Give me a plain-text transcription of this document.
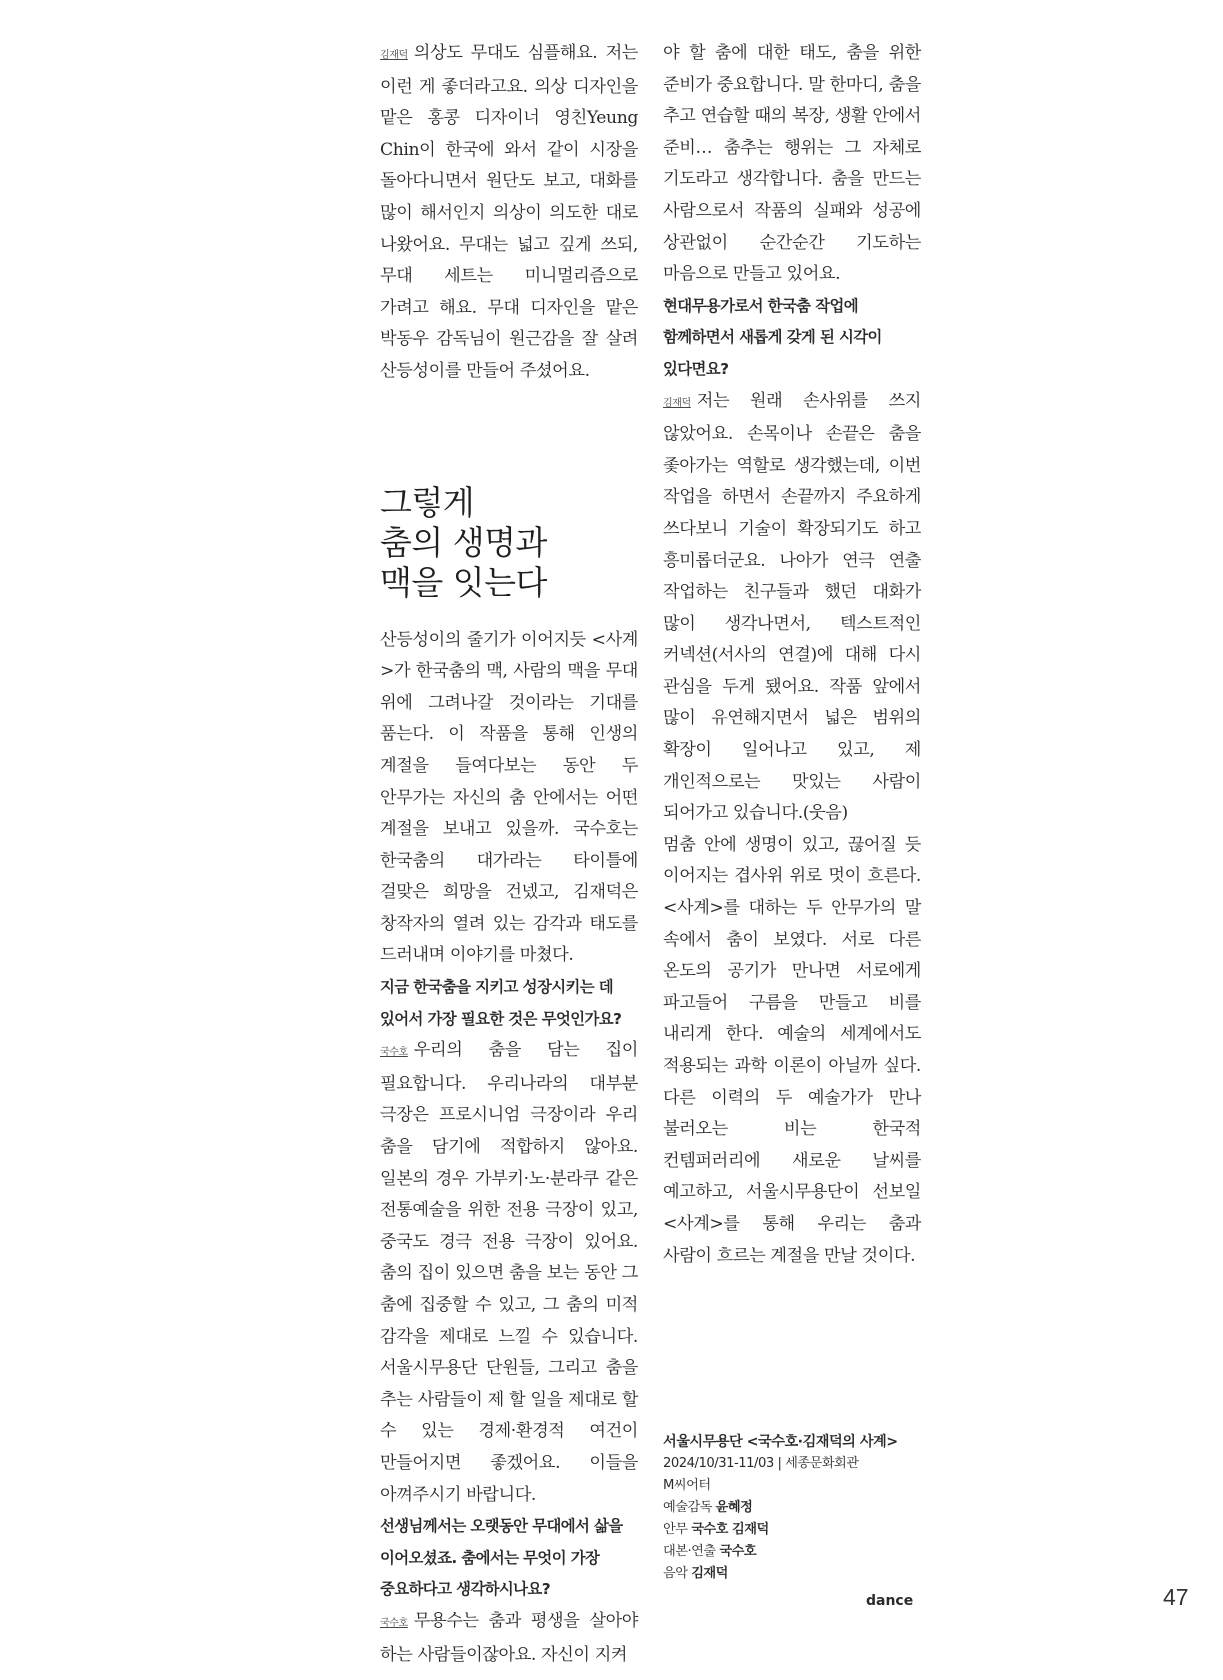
김재덕 의상도 무대도 심플해요. 저는 이런 게 좋더라고요. 의상 디자인을 맡은 홍콩 디자이너 영친Yeung Chin이 한국에 와서 같이 시장을 돌아다니면서 원단도 보고, 대화를 많이 해서인지 의상이 의도한 대로 나왔어요. 무대는 넓고 깊게 쓰되, 무대 세트는 미니멀리즘으로 가려고 해요. 무대 디자인을 맡은 박동우 감독님이 원근감을 잘 살려 산등성이를 만들어 주셨어요.

그렇게
춤의 생명과
맥을 잇는다

산등성이의 줄기가 이어지듯 <사계>가 한국춤의 맥, 사람의 맥을 무대 위에 그려나갈 것이라는 기대를 품는다. 이 작품을 통해 인생의 계절을 들여다보는 동안 두 안무가는 자신의 춤 안에서는 어떤 계절을 보내고 있을까. 국수호는 한국춤의 대가라는 타이틀에 걸맞은 희망을 건넸고, 김재덕은 창작자의 열려 있는 감각과 태도를 드러내며 이야기를 마쳤다.

지금 한국춤을 지키고 성장시키는 데 있어서 가장 필요한 것은 무엇인가요?

국수호 우리의 춤을 담는 집이 필요합니다. 우리나라의 대부분 극장은 프로시니엄 극장이라 우리 춤을 담기에 적합하지 않아요. 일본의 경우 가부키·노·분라쿠 같은 전통예술을 위한 전용 극장이 있고, 중국도 경극 전용 극장이 있어요. 춤의 집이 있으면 춤을 보는 동안 그 춤에 집중할 수 있고, 그 춤의 미적 감각을 제대로 느낄 수 있습니다. 서울시무용단 단원들, 그리고 춤을 추는 사람들이 제 할 일을 제대로 할 수 있는 경제·환경적 여건이 만들어지면 좋겠어요. 이들을 아껴주시기 바랍니다.

선생님께서는 오랫동안 무대에서 삶을 이어오셨죠. 춤에서는 무엇이 가장 중요하다고 생각하시나요?

국수호 무용수는 춤과 평생을 살아야 하는 사람들이잖아요. 자신이 지켜

야 할 춤에 대한 태도, 춤을 위한 준비가 중요합니다. 말 한마디, 춤을 추고 연습할 때의 복장, 생활 안에서 준비… 춤추는 행위는 그 자체로 기도라고 생각합니다. 춤을 만드는 사람으로서 작품의 실패와 성공에 상관없이 순간순간 기도하는 마음으로 만들고 있어요.

현대무용가로서 한국춤 작업에 함께하면서 새롭게 갖게 된 시각이 있다면요?

김재덕 저는 원래 손사위를 쓰지 않았어요. 손목이나 손끝은 춤을 좇아가는 역할로 생각했는데, 이번 작업을 하면서 손끝까지 주요하게 쓰다보니 기술이 확장되기도 하고 흥미롭더군요. 나아가 연극 연출 작업하는 친구들과 했던 대화가 많이 생각나면서, 텍스트적인 커넥션(서사의 연결)에 대해 다시 관심을 두게 됐어요. 작품 앞에서 많이 유연해지면서 넓은 범위의 확장이 일어나고 있고, 제 개인적으로는 맛있는 사람이 되어가고 있습니다.(웃음)

멈춤 안에 생명이 있고, 끊어질 듯 이어지는 겹사위 위로 멋이 흐른다. <사계>를 대하는 두 안무가의 말 속에서 춤이 보였다. 서로 다른 온도의 공기가 만나면 서로에게 파고들어 구름을 만들고 비를 내리게 한다. 예술의 세계에서도 적용되는 과학 이론이 아닐까 싶다. 다른 이력의 두 예술가가 만나 불러오는 비는 한국적 컨템퍼러리에 새로운 날씨를 예고하고, 서울시무용단이 선보일 <사계>를 통해 우리는 춤과 사람이 흐르는 계절을 만날 것이다.

서울시무용단 <국수호·김재덕의 사계>
2024/10/31-11/03 | 세종문화회관
M씨어터
예술감독 윤혜정
안무 국수호 김재덕
대본·연출 국수호
음악 김재덕
dance	47
